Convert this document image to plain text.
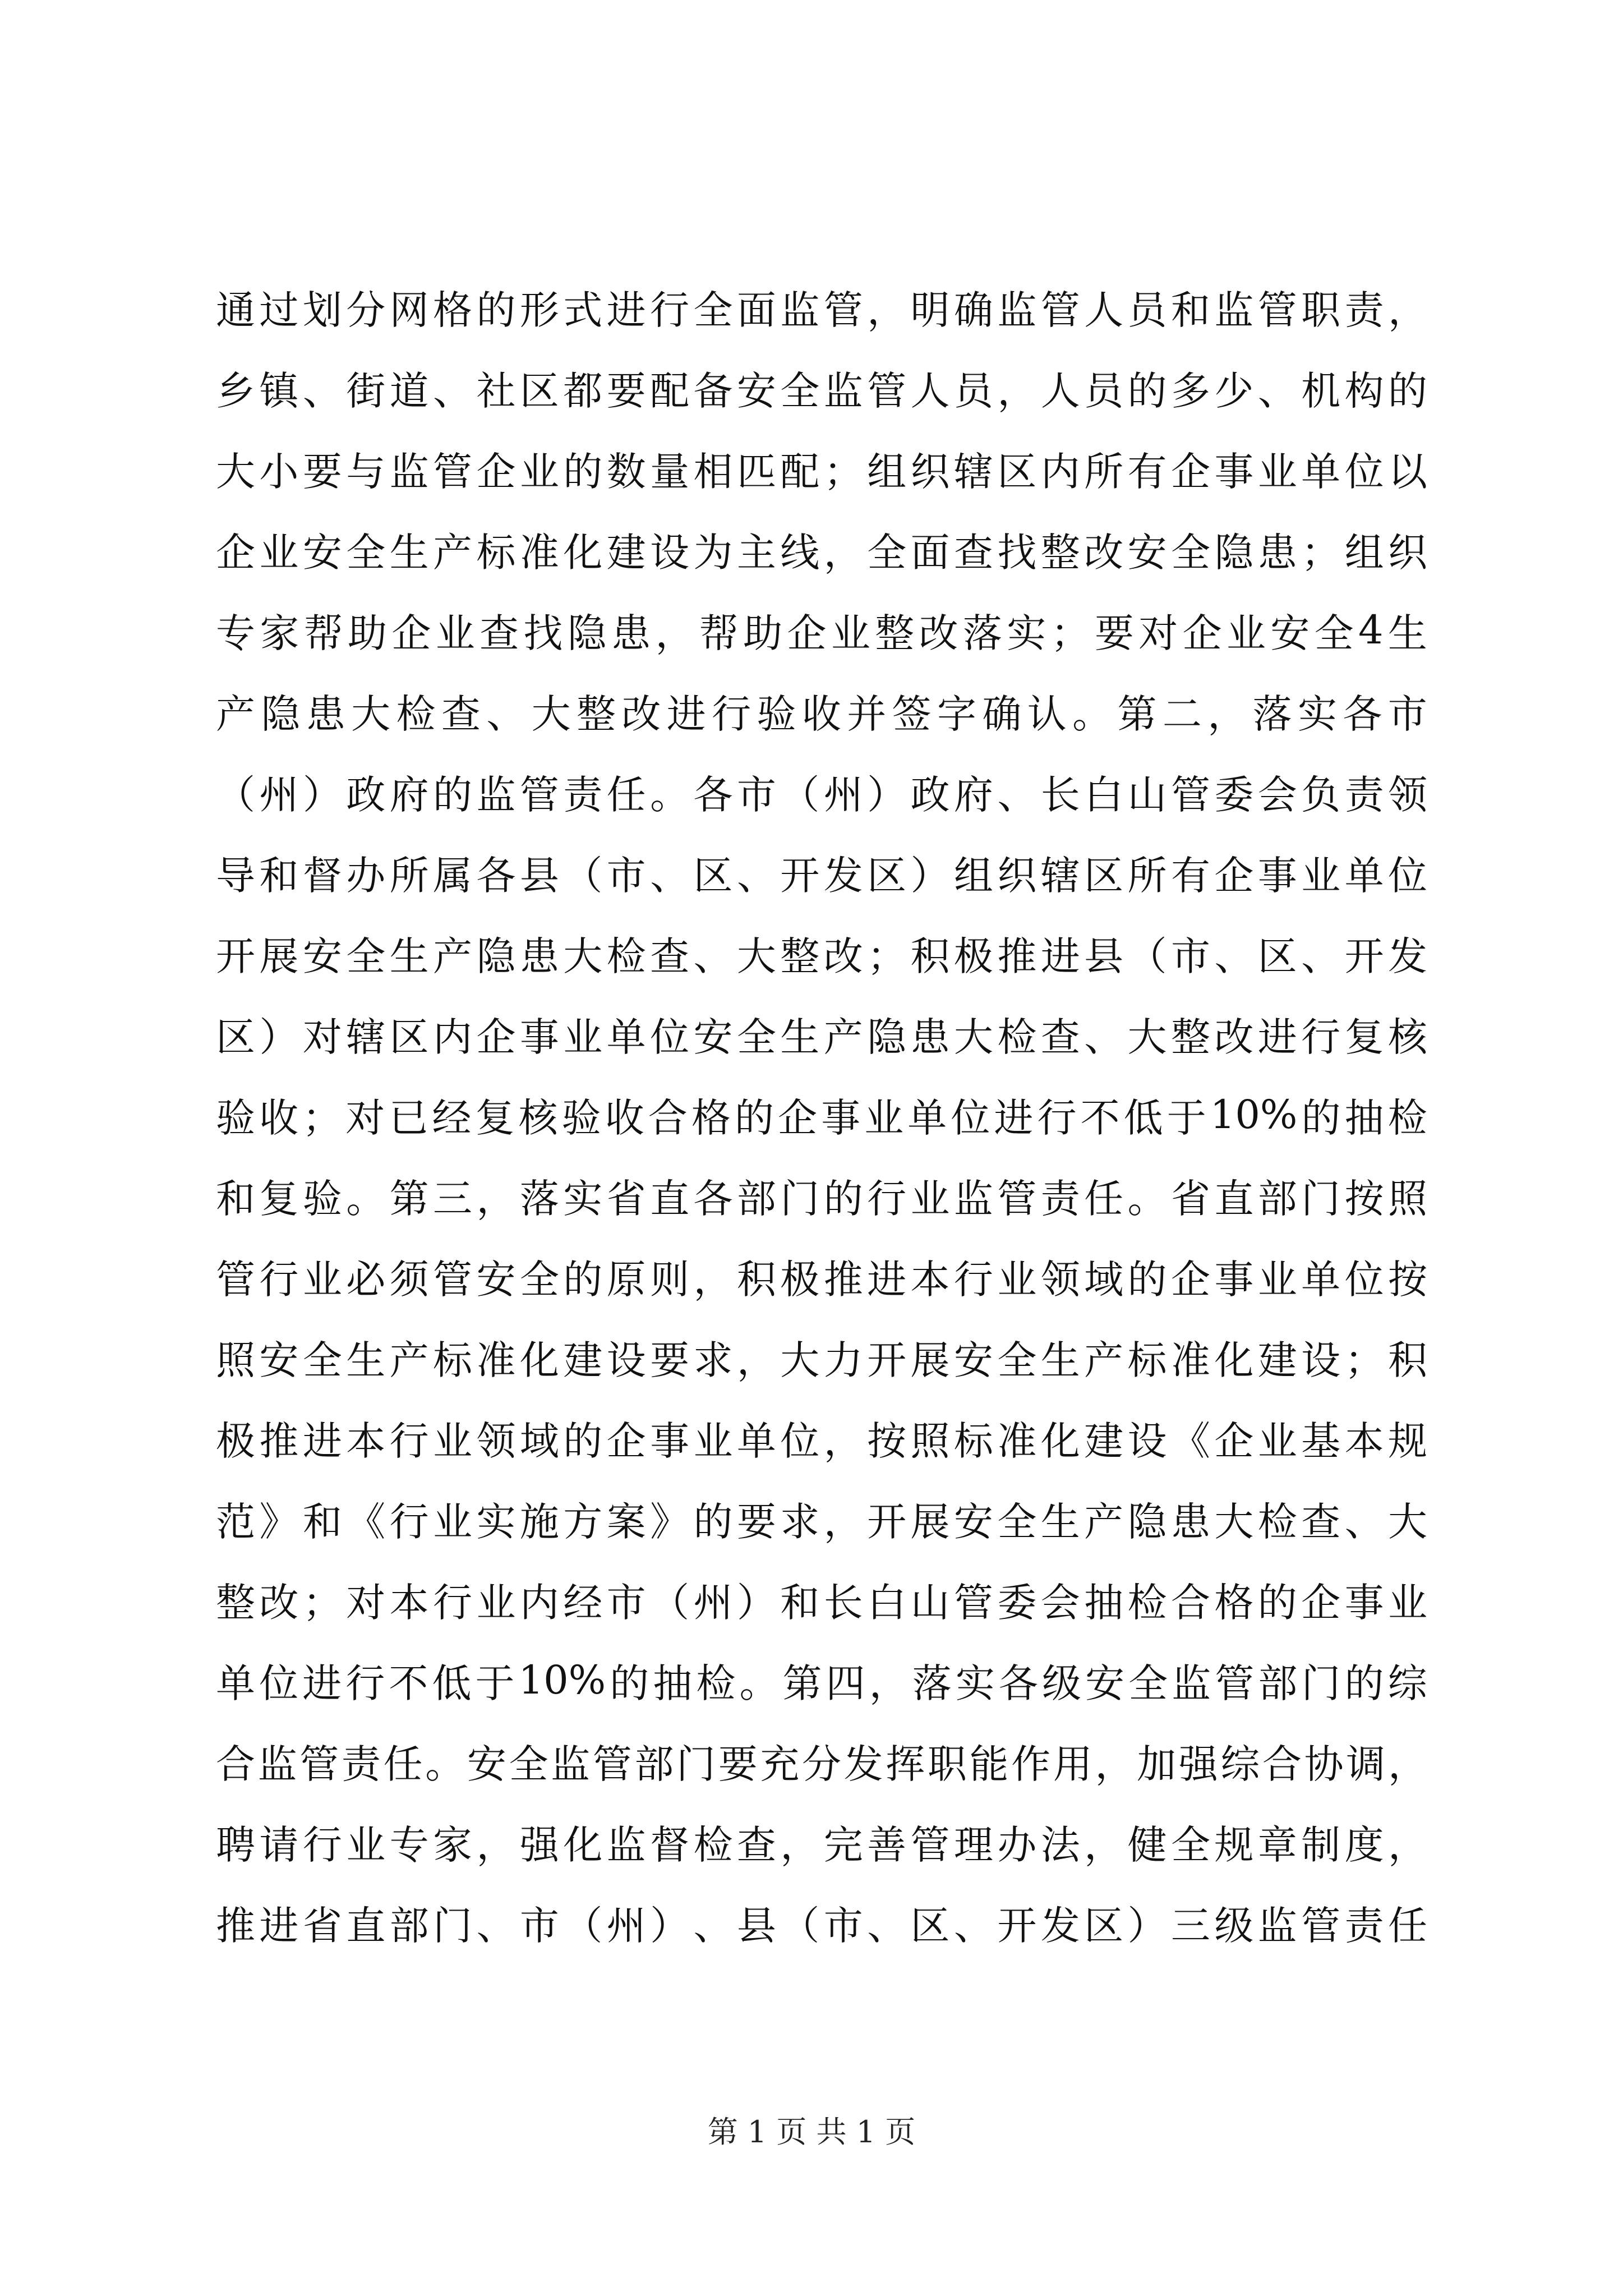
通 过 划 分 网 格 的 形 式 进 行 全 面 监 管 ， 明 确 监 管 人 员 和 监 管 职 责 ，
乡 镇 、 街 道 、 社 区 都 要 配 备 安 全 监 管 人 员 ， 人 员 的 多 少 、 机 构 的
大 小 要 与 监 管 企 业 的 数 量 相 匹 配 ； 组 织 辖 区 内 所 有 企 事 业 单 位 以
企 业 安 全 生 产 标 准 化 建 设 为 主 线 ， 全 面 查 找 整 改 安 全 隐 患 ； 组 织
专 家 帮 助 企 业 查 找 隐 患 ， 帮 助 企 业 整 改 落 实 ； 要 对 企 业 安 全 4 生
产 隐 患 大 检 查 、 大 整 改 进 行 验 收 并 签 字 确 认 。 第 二 ， 落 实 各 市
（ 州 ） 政 府 的 监 管 责 任 。 各 市 （ 州 ） 政 府 、 长 白 山 管 委 会 负 责 领
导 和 督 办 所 属 各 县 （ 市 、 区 、 开 发 区 ） 组 织 辖 区 所 有 企 事 业 单 位
开 展 安 全 生 产 隐 患 大 检 查 、 大 整 改 ； 积 极 推 进 县 （ 市 、 区 、 开 发
区 ） 对 辖 区 内 企 事 业 单 位 安 全 生 产 隐 患 大 检 查 、 大 整 改 进 行 复 核
验 收 ； 对 已 经 复 核 验 收 合 格 的 企 事 业 单 位 进 行 不 低 于 10% 的 抽 检
和 复 验 。 第 三 ， 落 实 省 直 各 部 门 的 行 业 监 管 责 任 。 省 直 部 门 按 照
管 行 业 必 须 管 安 全 的 原 则 ， 积 极 推 进 本 行 业 领 域 的 企 事 业 单 位 按
照 安 全 生 产 标 准 化 建 设 要 求 ， 大 力 开 展 安 全 生 产 标 准 化 建 设 ； 积
极 推 进 本 行 业 领 域 的 企 事 业 单 位 ， 按 照 标 准 化 建 设 《 企 业 基 本 规
范 》 和 《 行 业 实 施 方 案 》 的 要 求 ， 开 展 安 全 生 产 隐 患 大 检 查 、 大
整 改 ； 对 本 行 业 内 经 市 （ 州 ） 和 长 白 山 管 委 会 抽 检 合 格 的 企 事 业
单 位 进 行 不 低 于 10% 的 抽 检 。 第 四 ， 落 实 各 级 安 全 监 管 部 门 的 综
合 监 管 责 任 。 安 全 监 管 部 门 要 充 分 发 挥 职 能 作 用 ， 加 强 综 合 协 调 ，
聘 请 行 业 专 家 ， 强 化 监 督 检 查 ， 完 善 管 理 办 法 ， 健 全 规 章 制 度 ，
推 进 省 直 部 门 、 市 （ 州 ） 、 县 （ 市 、 区 、 开 发 区 ） 三 级 监 管 责 任
第 1 页 共 1 页
